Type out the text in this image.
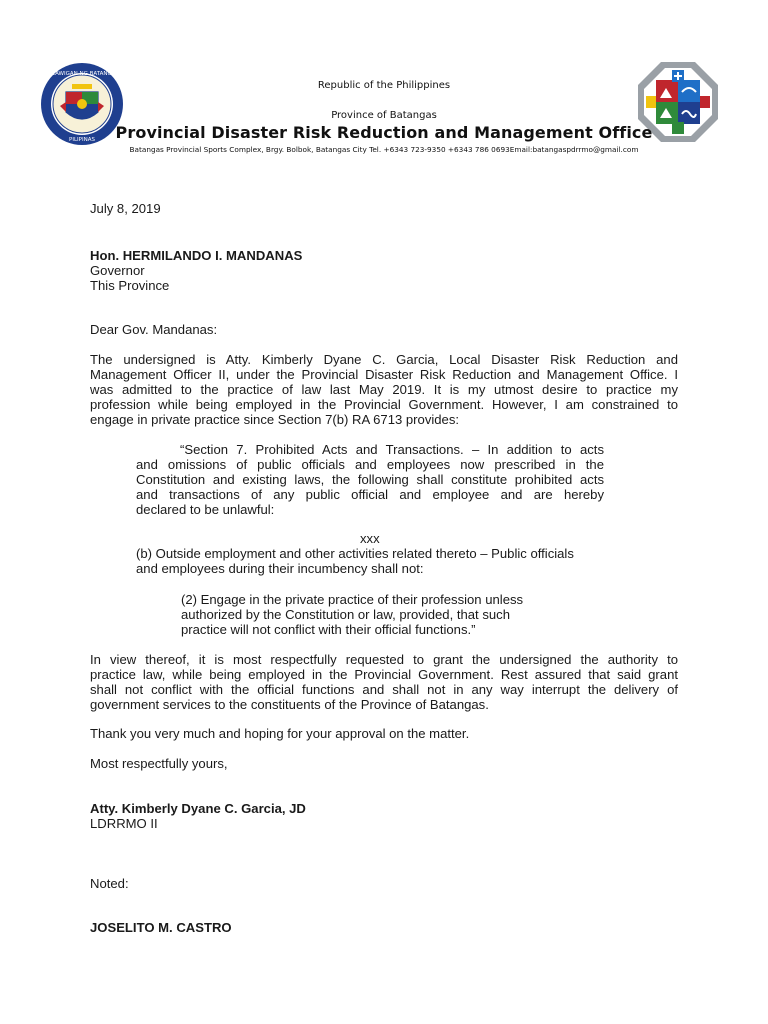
LALAWIGAN NG BATANGAS
PILIPINAS
Republic of the Philippines
Province of Batangas
Provincial Disaster Risk Reduction and Management Office
Batangas Provincial Sports Complex, Brgy. Bolbok, Batangas City Tel. +6343 723-9350 +6343 786 0693Email:batangaspdrrmo@gmail.com
July 8, 2019
Hon. HERMILANDO I. MANDANAS
Governor
This Province
Dear Gov. Mandanas:
The undersigned is Atty. Kimberly Dyane C. Garcia, Local Disaster Risk Reduction and
Management Officer II, under the Provincial Disaster Risk Reduction and Management Office. I
was admitted to the practice of law last May 2019. It is my utmost desire to practice my
profession while being employed in the Provincial Government. However, I am constrained to
engage in private practice since Section 7(b) RA 6713 provides:
“Section 7. Prohibited Acts and Transactions. – In addition to acts
and omissions of public officials and employees now prescribed in the
Constitution and existing laws, the following shall constitute prohibited acts
and transactions of any public official and employee and are hereby
declared to be unlawful:
xxx
(b) Outside employment and other activities related thereto – Public officials
and employees during their incumbency shall not:
(2) Engage in the private practice of their profession unless
authorized by the Constitution or law, provided, that such
practice will not conflict with their official functions.”
In view thereof, it is most respectfully requested to grant the undersigned the authority to
practice law, while being employed in the Provincial Government. Rest assured that said grant
shall not conflict with the official functions and shall not in any way interrupt the delivery of
government services to the constituents of the Province of Batangas.
Thank you very much and hoping for your approval on the matter.
Most respectfully yours,
Atty. Kimberly Dyane C. Garcia, JD
LDRRMO II
Noted:
JOSELITO M. CASTRO
